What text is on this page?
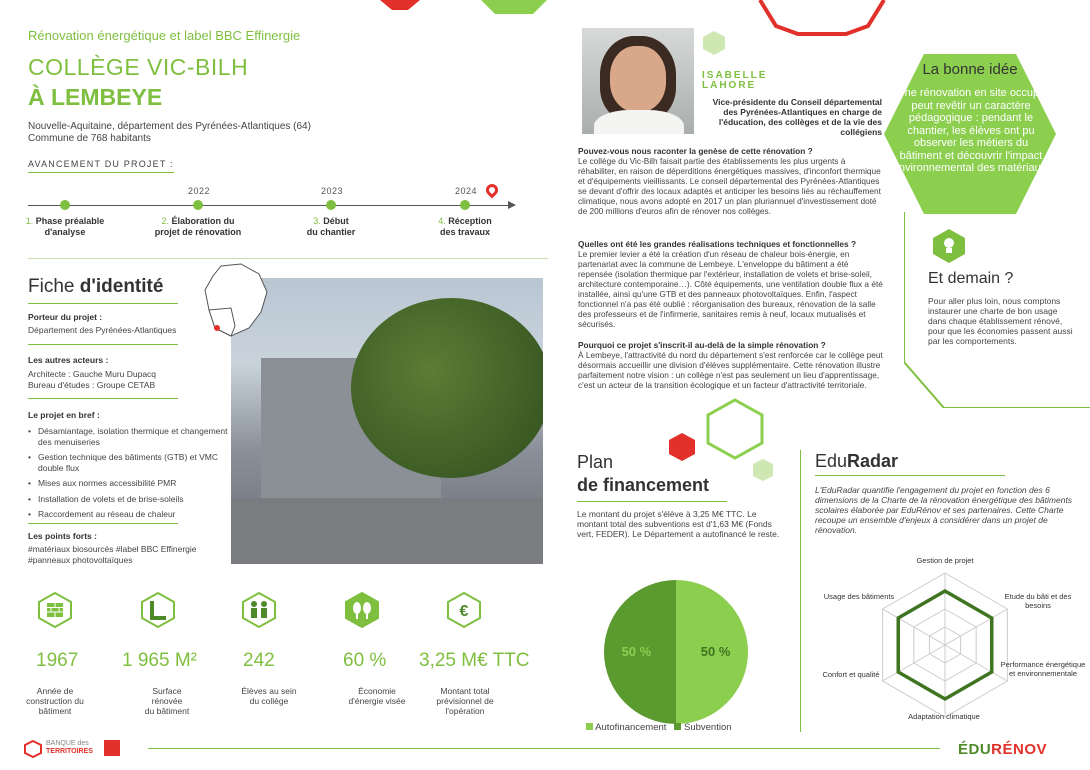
Rénovation énergétique et label BBC Effinergie
COLLÈGE VIC-BILH
À LEMBEYE
Nouvelle-Aquitaine, département des Pyrénées-Atlantiques (64)
Commune de 768 habitants
AVANCEMENT DU PROJET :
2022	2023	2024
1. Phase préalable
d'analyse
2. Élaboration du
projet de rénovation
3. Début
du chantier
4. Réception
des travaux
Fiche d'identité
Porteur du projet :
Département des Pyrénées-Atlantiques
Les autres acteurs :
Architecte : Gauche Muru Dupacq
Bureau d'études : Groupe CETAB
Le projet en bref :
• Désamiantage, isolation thermique et changement des menuiseries
• Gestion technique des bâtiments (GTB) et VMC double flux
• Mises aux normes accessibilité PMR
• Installation de volets et de brise-soleils
• Raccordement au réseau de chaleur
Les points forts :
#matériaux biosourcés #label BBC Effinergie
#panneaux photovoltaïques
€
1967 1 965 M² 242	60 % 3,25 M€ TTC
Année de
construction du
bâtiment
Surface
rénovée
du bâtiment
Élèves au sein
du collège
Économie
d'énergie visée
Montant total
prévisionnel de
l'opération
ISABELLE
LAHORE
Vice-présidente du Conseil départemental des Pyrénées-Atlantiques en charge de l'éducation, des collèges et de la vie des collégiens
Pouvez-vous nous raconter la genèse de cette rénovation ?
Le collège du Vic-Bilh faisait partie des établissements les plus urgents à réhabiliter, en raison de déperditions énergétiques massives, d'inconfort thermique et d'équipements vieillissants. Le conseil départemental des Pyrénées-Atlantiques se devant d'offrir des locaux adaptés et anticiper les besoins liés au réchauffement climatique, nous avons adopté en 2017 un plan pluriannuel d'investissement doté de 200 millions d'euros afin de rénover nos collèges.
Quelles ont été les grandes réalisations techniques et fonctionnelles ?
Le premier levier a été la création d'un réseau de chaleur bois-énergie, en partenariat avec la commune de Lembeye. L'enveloppe du bâtiment a été repensée (isolation thermique par l'extérieur, installation de volets et brise-soleil, architecture contemporaine…). Côté équipements, une ventilation double flux a été installée, ainsi qu'une GTB et des panneaux photovoltaïques. Enfin, l'aspect fonctionnel n'a pas été oublié : réorganisation des bureaux, rénovation de la salle des professeurs et de l'infirmerie, sanitaires remis à neuf, locaux mutualisés et sécurisés.
Pourquoi ce projet s'inscrit-il au-delà de la simple rénovation ?
À Lembeye, l'attractivité du nord du département s'est renforcée car le collège peut désormais accueillir une division d'élèves supplémentaire. Cette rénovation illustre parfaitement notre vision : un collège n'est pas seulement un lieu d'apprentissage, c'est un acteur de la transition écologique et un facteur d'attractivité territoriale.
La bonne idée
Une rénovation en site occupé peut revêtir un caractère pédagogique : pendant le chantier, les élèves ont pu observer les métiers du bâtiment et découvrir l'impact environnemental des matériaux.
Et demain ?
Pour aller plus loin, nous comptons instaurer une charte de bon usage dans chaque établissement rénové, pour que les économies passent aussi par les comportements.
Plan
de financement
Le montant du projet s'élève à 3,25 M€ TTC. Le montant total des subventions est d'1,63 M€ (Fonds vert, FEDER). Le Département a autofinancé le reste.
50 %	50 %
Autofinancement Subvention
EduRadar
L'EduRadar quantifie l'engagement du projet en fonction des 6 dimensions de la Charte de la rénovation énergétique des bâtiments scolaires élaborée par EduRénov et ses partenaires. Cette Charte recoupe un ensemble d'enjeux à considérer dans un projet de rénovation.
Gestion de projet
Etude du bâti et des besoins
Performance énergétique et environnementale
Adaptation climatique
Confort et qualité
Usage des bâtiments
BANQUE des
TERRITOIRES	ÉDURÉNOV
